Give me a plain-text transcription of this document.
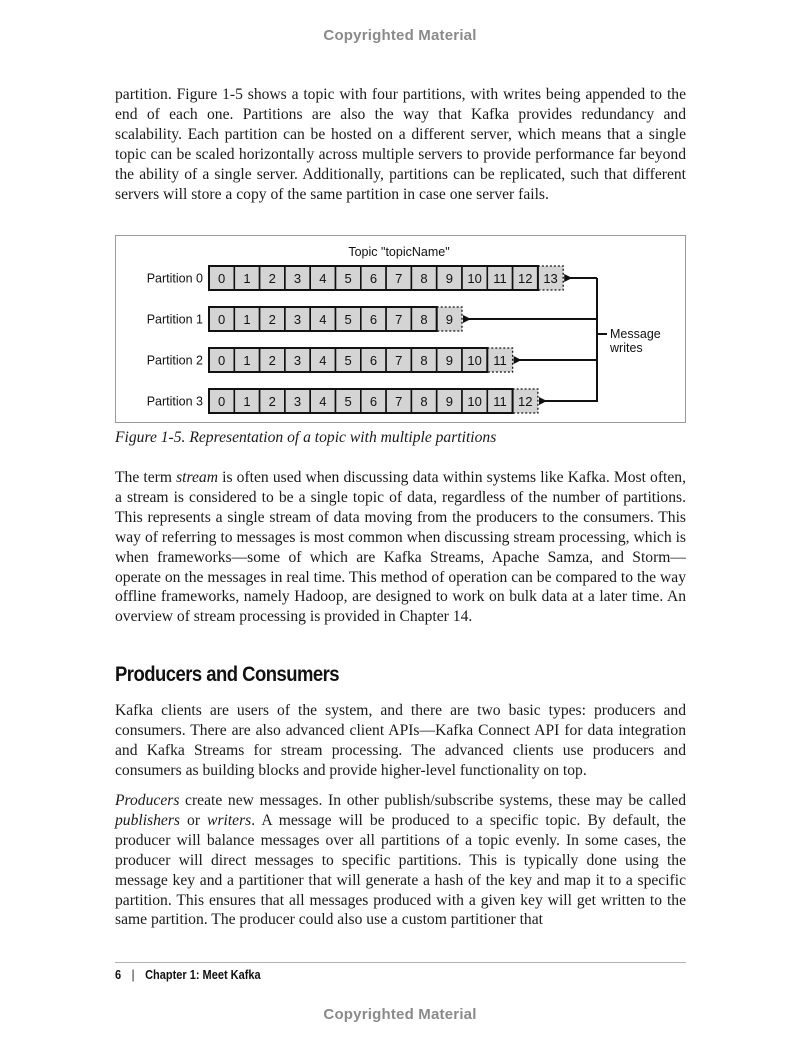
Copyrighted Material

partition. Figure 1-5 shows a topic with four partitions, with writes being appended to the end of each one. Partitions are also the way that Kafka provides redundancy and scalability. Each partition can be hosted on a different server, which means that a single topic can be scaled horizontally across multiple servers to provide performance far beyond the ability of a single server. Additionally, partitions can be replicated, such that different servers will store a copy of the same partition in case one server fails.

Topic "topicName"
Partition 0 0 1 2 3 4 5 6 7 8 9 10 11 12 13
Partition 1 0 1 2 3 4 5 6 7 8 9
Partition 2 0 1 2 3 4 5 6 7 8 9 10 11
Partition 3 0 1 2 3 4 5 6 7 8 9 10 11 12
Message
writes

Figure 1-5. Representation of a topic with multiple partitions

The term stream is often used when discussing data within systems like Kafka. Most often, a stream is considered to be a single topic of data, regardless of the number of partitions. This represents a single stream of data moving from the producers to the consumers. This way of referring to messages is most common when discussing stream processing, which is when frameworks—some of which are Kafka Streams, Apache Samza, and Storm—operate on the messages in real time. This method of operation can be compared to the way offline frameworks, namely Hadoop, are designed to work on bulk data at a later time. An overview of stream processing is provided in Chapter 14.

Producers and Consumers

Kafka clients are users of the system, and there are two basic types: producers and consumers. There are also advanced client APIs—Kafka Connect API for data integration and Kafka Streams for stream processing. The advanced clients use producers and consumers as building blocks and provide higher-level functionality on top.

Producers create new messages. In other publish/subscribe systems, these may be called publishers or writers. A message will be produced to a specific topic. By default, the producer will balance messages over all partitions of a topic evenly. In some cases, the producer will direct messages to specific partitions. This is typically done using the message key and a partitioner that will generate a hash of the key and map it to a specific partition. This ensures that all messages produced with a given key will get written to the same partition. The producer could also use a custom partitioner that

6 | Chapter 1: Meet Kafka
Copyrighted Material
